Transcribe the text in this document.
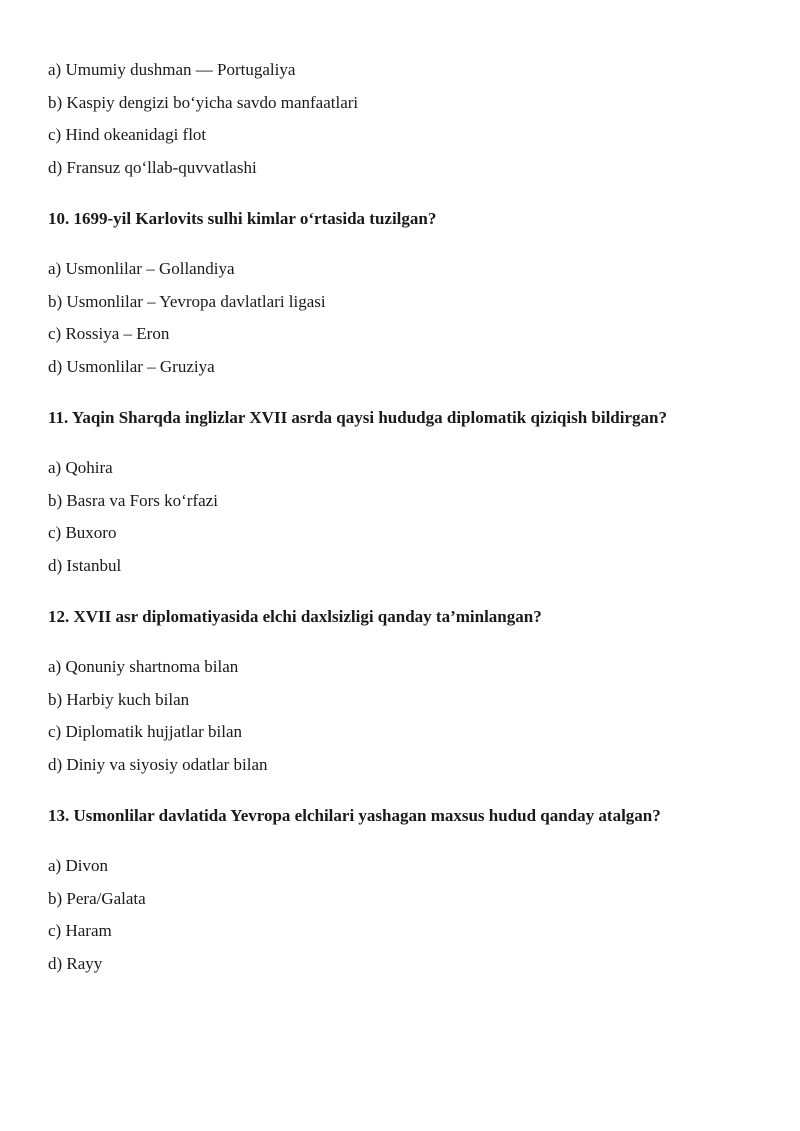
a) Umumiy dushman — Portugaliya
b) Kaspiy dengizi bo‘yicha savdo manfaatlari
c) Hind okeanidagi flot
d) Fransuz qo‘llab-quvvatlashi
10. 1699-yil Karlovits sulhi kimlar o‘rtasida tuzilgan?
a) Usmonlilar – Gollandiya
b) Usmonlilar – Yevropa davlatlari ligasi
c) Rossiya – Eron
d) Usmonlilar – Gruziya
11. Yaqin Sharqda inglizlar XVII asrda qaysi hududga diplomatik qiziqish bildirgan?
a) Qohira
b) Basra va Fors ko‘rfazi
c) Buxoro
d) Istanbul
12. XVII asr diplomatiyasida elchi daxlsizligi qanday ta’minlangan?
a) Qonuniy shartnoma bilan
b) Harbiy kuch bilan
c) Diplomatik hujjatlar bilan
d) Diniy va siyosiy odatlar bilan
13. Usmonlilar davlatida Yevropa elchilari yashagan maxsus hudud qanday atalgan?
a) Divon
b) Pera/Galata
c) Haram
d) Rayy
